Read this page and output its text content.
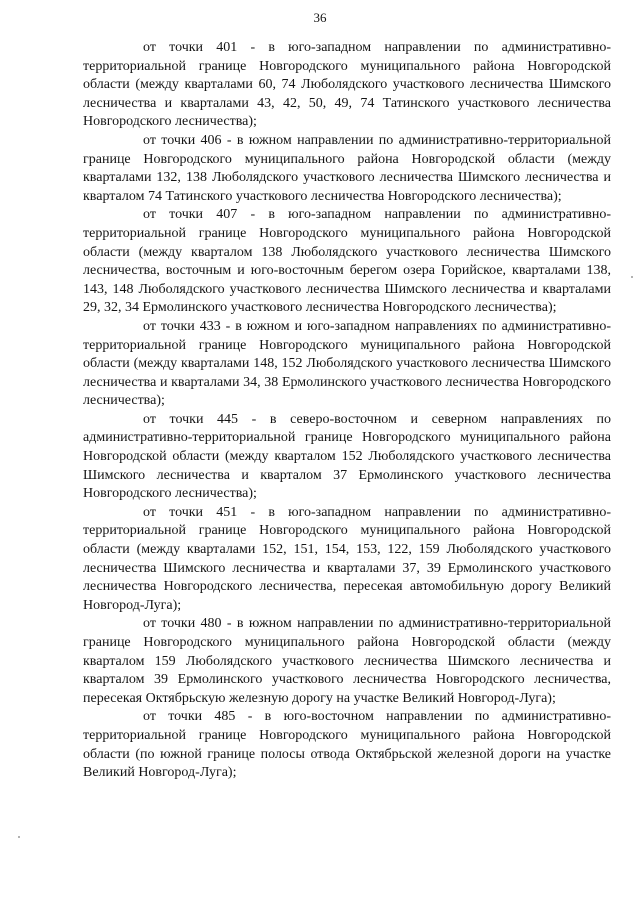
36

от точки 401 - в юго-западном направлении по административно-территориальной границе Новгородского муниципального района Новгородской области (между кварталами 60, 74 Люболядского участкового лесничества Шимского лесничества и кварталами 43, 42, 50, 49, 74 Татинского участкового лесничества Новгородского лесничества);

от точки 406 - в южном направлении по административно-территориальной границе Новгородского муниципального района Новгородской области (между кварталами 132, 138 Люболядского участкового лесничества Шимского лесничества и кварталом 74 Татинского участкового лесничества Новгородского лесничества);

от точки 407 - в юго-западном направлении по административно-территориальной границе Новгородского муниципального района Новгородской области (между кварталом 138 Люболядского участкового лесничества Шимского лесничества, восточным и юго-восточным берегом озера Горийское, кварталами 138, 143, 148 Люболядского участкового лесничества Шимского лесничества и кварталами 29, 32, 34 Ермолинского участкового лесничества Новгородского лесничества);

от точки 433 - в южном и юго-западном направлениях по административно-территориальной границе Новгородского муниципального района Новгородской области (между кварталами 148, 152 Люболядского участкового лесничества Шимского лесничества и кварталами 34, 38 Ермолинского участкового лесничества Новгородского лесничества);

от точки 445 - в северо-восточном и северном направлениях по административно-территориальной границе Новгородского муниципального района Новгородской области (между кварталом 152 Люболядского участкового лесничества Шимского лесничества и кварталом 37 Ермолинского участкового лесничества Новгородского лесничества);

от точки 451 - в юго-западном направлении по административно-территориальной границе Новгородского муниципального района Новгородской области (между кварталами 152, 151, 154, 153, 122, 159 Люболядского участкового лесничества Шимского лесничества и кварталами 37, 39 Ермолинского участкового лесничества Новгородского лесничества, пересекая автомобильную дорогу Великий Новгород-Луга);

от точки 480 - в южном направлении по административно-территориальной границе Новгородского муниципального района Новгородской области (между кварталом 159 Люболядского участкового лесничества Шимского лесничества и кварталом 39 Ермолинского участкового лесничества Новгородского лесничества, пересекая Октябрьскую железную дорогу на участке Великий Новгород-Луга);

от точки 485 - в юго-восточном направлении по административно-территориальной границе Новгородского муниципального района Новгородской области (по южной границе полосы отвода Октябрьской железной дороги на участке Великий Новгород-Луга);
